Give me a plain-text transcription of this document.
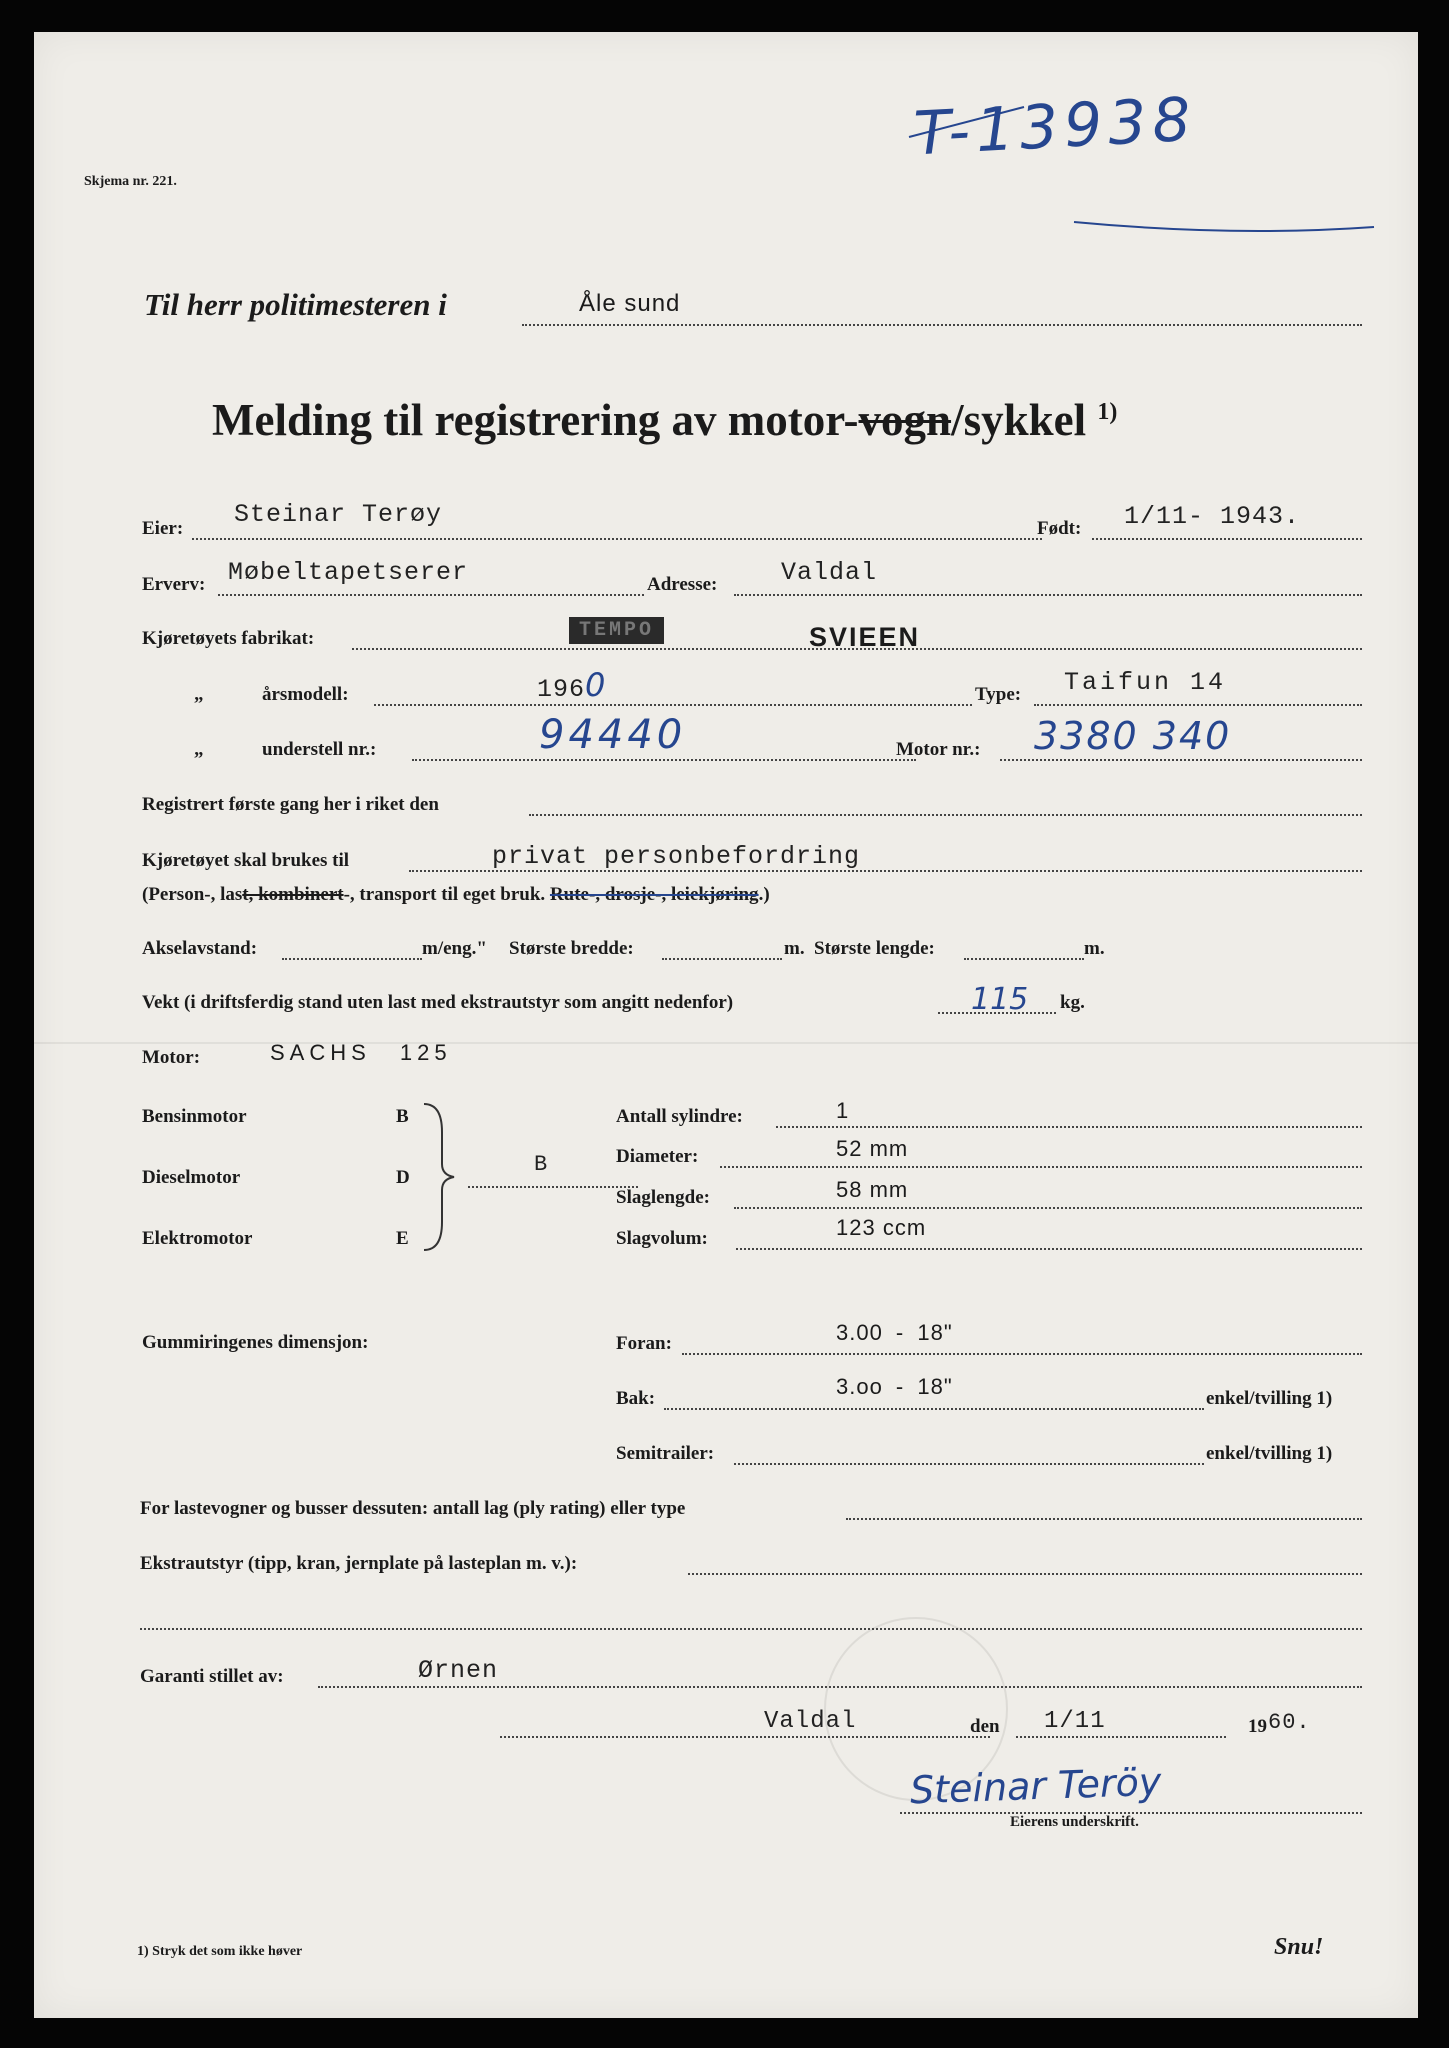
Skjema nr. 221.
T-13938
Til herr politimesteren i	Åle sund
Melding til registrering av motor-vogn/sykkel $^{1)}$
Eier: Steinar Terøy	Født: 1/11- 1943.
Erverv: Møbeltapetserer	Adresse:	Valdal
Kjøretøyets fabrikat:	TEMPO	SVIEEN
„	årsmodell:	1960	Type: Taifun 14
„	understell nr.:	94440	Motor nr.: 3380 340
Registrert første gang her i riket den
Kjøretøyet skal brukes til	privat personbefordring
(Person-, last, kombinert-, transport til eget bruk. Rute-, drosje-, leiekjøring.)
Akselavstand:	m/eng." Største bredde:	m. Største lengde:	m.
Vekt (i driftsferdig stand uten last med ekstrautstyr som angitt nedenfor)	115 kg.
Motor:	SACHS 125
Bensinmotor	B
Dieselmotor	D
Elektromotor	E
B
Antall sylindre:	1
Diameter:	52 mm
Slaglengde:	58 mm
Slagvolum:	123 ccm
Gummiringenes dimensjon:	Foran:	3.00 - 18"
Bak:	3.oo - 18"	enkel/tvilling 1)
Semitrailer:	enkel/tvilling 1)
For lastevogner og busser dessuten: antall lag (ply rating) eller type
Ekstrautstyr (tipp, kran, jernplate på lasteplan m. v.):
Garanti stillet av:	Ørnen
Valdal	den 1/11	19 60.
Steinar Teröy
Eierens underskrift.
1) Stryk det som ikke høver	Snu!
